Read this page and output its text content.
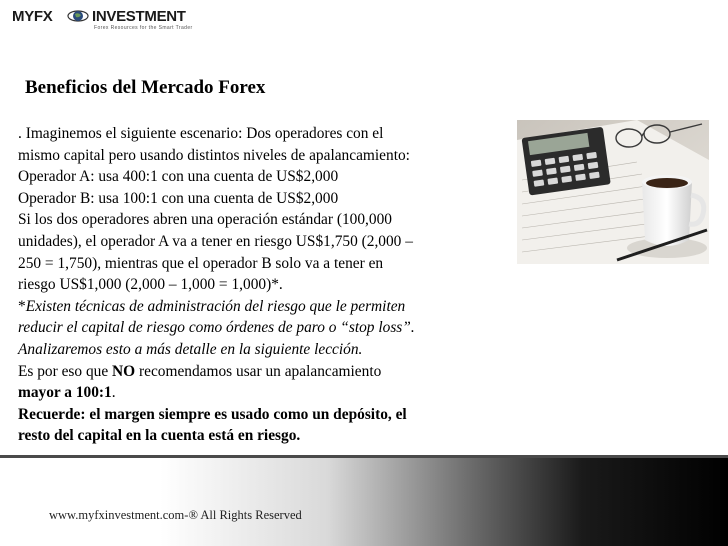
MYFX	INVESTMENT
Forex Resources for the Smart Trader
Beneficios del Mercado Forex

. Imaginemos el siguiente escenario: Dos operadores con el

mismo capital pero usando distintos niveles de apalancamiento:

Operador A: usa 400:1 con una cuenta de US$2,000

Operador B: usa 100:1 con una cuenta de US$2,000

Si los dos operadores abren una operación estándar (100,000

unidades), el operador A va a tener en riesgo US$1,750 (2,000 –

250 = 1,750), mientras que el operador B solo va a tener en

riesgo US$1,000 (2,000 – 1,000 = 1,000)*.

*Existen técnicas de administración del riesgo que le permiten

reducir el capital de riesgo como órdenes de paro o “stop loss”.

Analizaremos esto a más detalle en la siguiente lección.

Es por eso que NO recomendamos usar un apalancamiento

mayor a 100:1.

Recuerde: el margen siempre es usado como un depósito, el

resto del capital en la cuenta está en riesgo.

www.myfxinvestment.com-® All Rights Reserved
